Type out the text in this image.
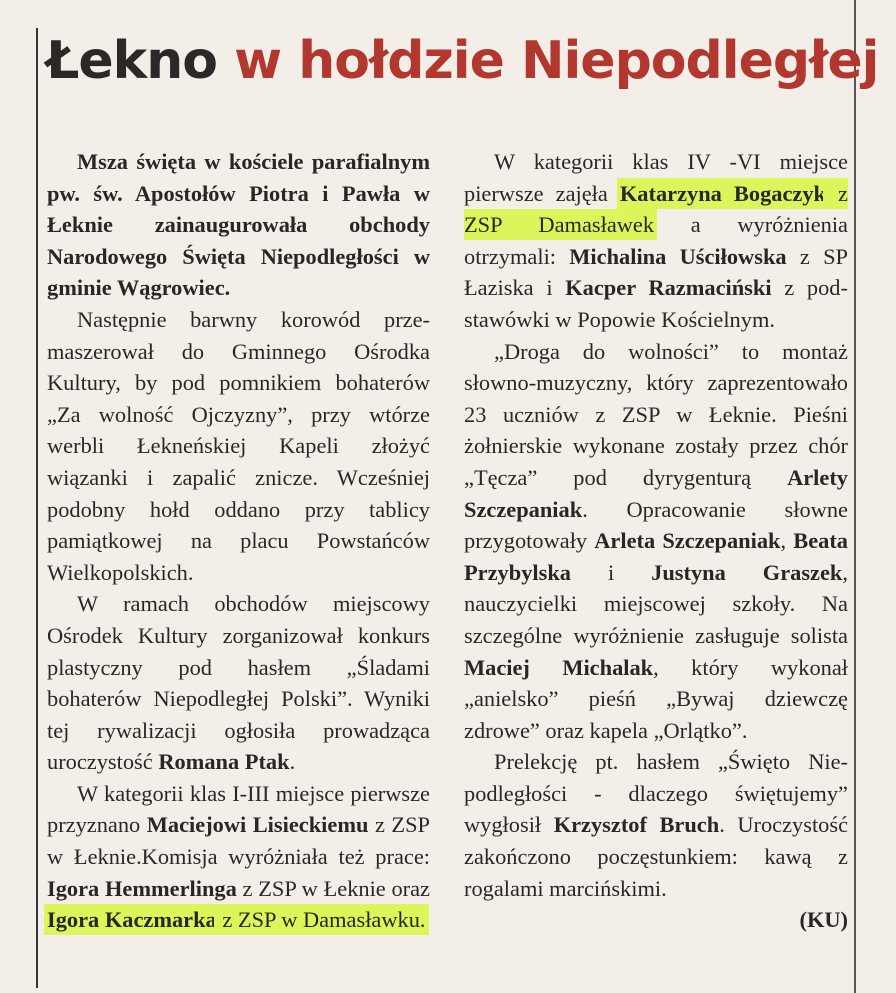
Łekno w hołdzie Niepodległej

Msza święta w kościele parafialnym pw. św. Apostołów Piotra i Pawła w Łeknie zainaugurowała obchody Narodowego Święta Niepodległości w gminie Wągrowiec.

Następnie barwny korowód przemaszerował do Gminnego Ośrodka Kultury, by pod pomnikiem bohaterów „Za wolność Ojczyzny”, przy wtórze werbli Łekneńskiej Kapeli złożyć wiązanki i zapalić znicze. Wcześniej podobny hołd oddano przy tablicy pamiątkowej na placu Powstańców Wielkopolskich.

W ramach obchodów miejscowy Ośrodek Kultury zorganizował konkurs plastyczny pod hasłem „Śladami bohaterów Niepodległej Polski”. Wyniki tej rywalizacji ogłosiła prowadząca uroczystość Romana Ptak.

W kategorii klas I-III miejsce pierwsze przyznano Maciejowi Lisieckiemu z ZSP w Łeknie.Komisja wyróżniała też prace: Igora Hemmerlinga z ZSP w Łeknie oraz Igora Kaczmarka z ZSP w Damasławku.

W kategorii klas IV -VI miejsce pierwsze zajęła Katarzyna Bogaczyk z ZSP Damasławek a wyróżnienia otrzymali: Michalina Uściłowska z SP Łaziska i Kacper Razmaciński z podstawówki w Popowie Kościelnym.

„Droga do wolności” to montaż słowno-muzyczny, który zaprezentowało 23 uczniów z ZSP w Łeknie. Pieśni żołnierskie wykonane zostały przez chór „Tęcza” pod dyrygenturą Arlety Szczepaniak. Opracowanie słowne przygotowały Arleta Szczepaniak, Beata Przybylska i Justyna Graszek, nauczycielki miejscowej szkoły. Na szczególne wyróżnienie zasługuje solista Maciej Michalak, który wykonał „anielsko” pieśń „Bywaj dziewczę zdrowe” oraz kapela „Orlątko”.

Prelekcję pt. hasłem „Święto Niepodległości - dlaczego świętujemy” wygłosił Krzysztof Bruch. Uroczystość zakończono poczęstunkiem: kawą z rogalami marcińskimi.

(KU)
